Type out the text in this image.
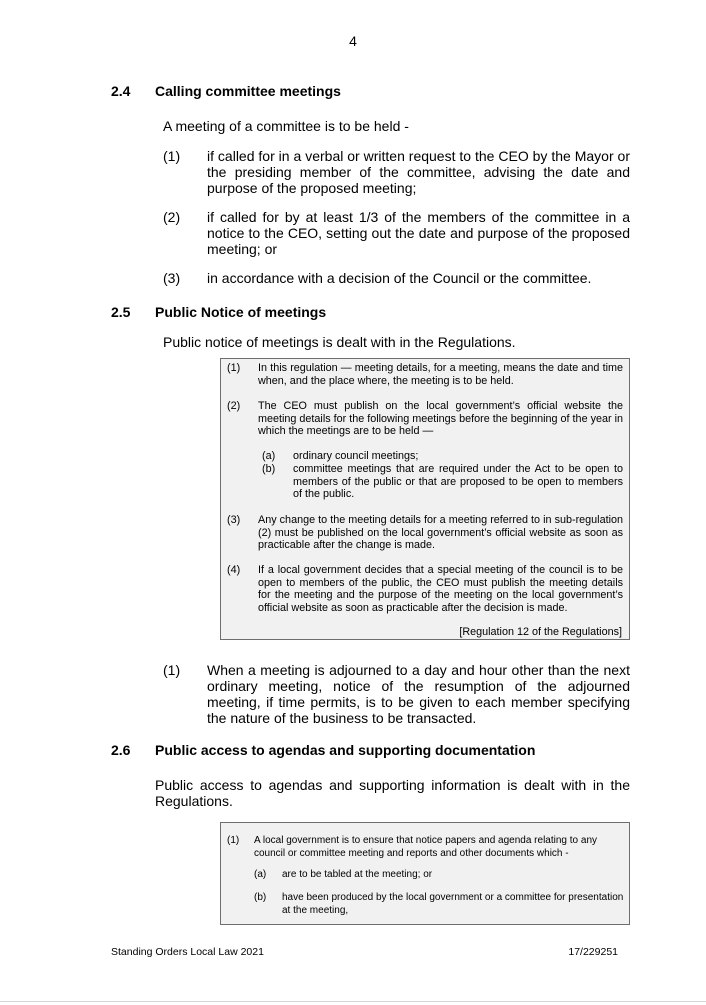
4
2.4 Calling committee meetings
A meeting of a committee is to be held -
(1) if called for in a verbal or written request to the CEO by the Mayor or the presiding member of the committee, advising the date and purpose of the proposed meeting;
(2) if called for by at least 1/3 of the members of the committee in a notice to the CEO, setting out the date and purpose of the proposed meeting; or
(3) in accordance with a decision of the Council or the committee.
2.5 Public Notice of meetings
Public notice of meetings is dealt with in the Regulations.
(1) In this regulation — meeting details, for a meeting, means the date and time when, and the place where, the meeting is to be held.
(2) The CEO must publish on the local government’s official website the meeting details for the following meetings before the beginning of the year in which the meetings are to be held —
(a) ordinary council meetings;
(b) committee meetings that are required under the Act to be open to members of the public or that are proposed to be open to members of the public.
(3) Any change to the meeting details for a meeting referred to in sub-regulation (2) must be published on the local government’s official website as soon as practicable after the change is made.
(4) If a local government decides that a special meeting of the council is to be open to members of the public, the CEO must publish the meeting details for the meeting and the purpose of the meeting on the local government’s official website as soon as practicable after the decision is made.
[Regulation 12 of the Regulations]
(1) When a meeting is adjourned to a day and hour other than the next ordinary meeting, notice of the resumption of the adjourned meeting, if time permits, is to be given to each member specifying the nature of the business to be transacted.
2.6 Public access to agendas and supporting documentation
Public access to agendas and supporting information is dealt with in the Regulations.
(1) A local government is to ensure that notice papers and agenda relating to any council or committee meeting and reports and other documents which -
(a) are to be tabled at the meeting; or
(b) have been produced by the local government or a committee for presentation at the meeting,
Standing Orders Local Law 2021	17/229251
